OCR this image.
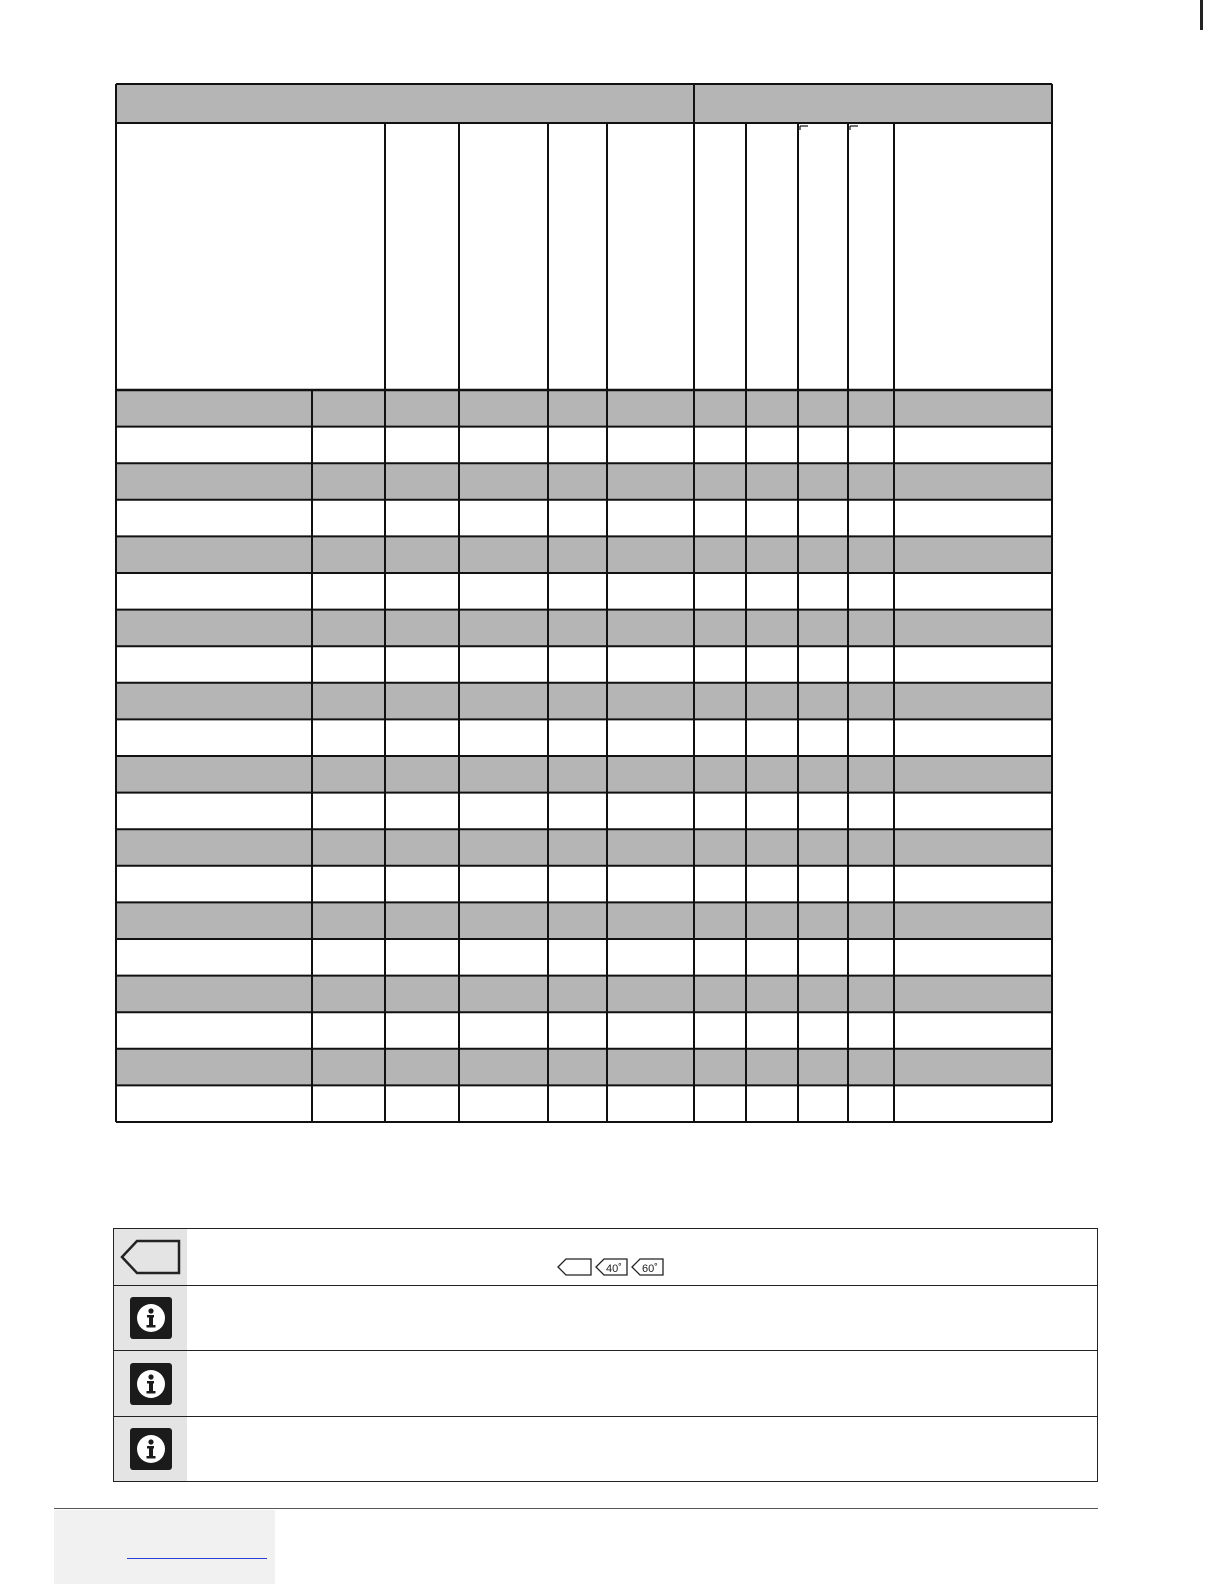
40˚ 60˚
